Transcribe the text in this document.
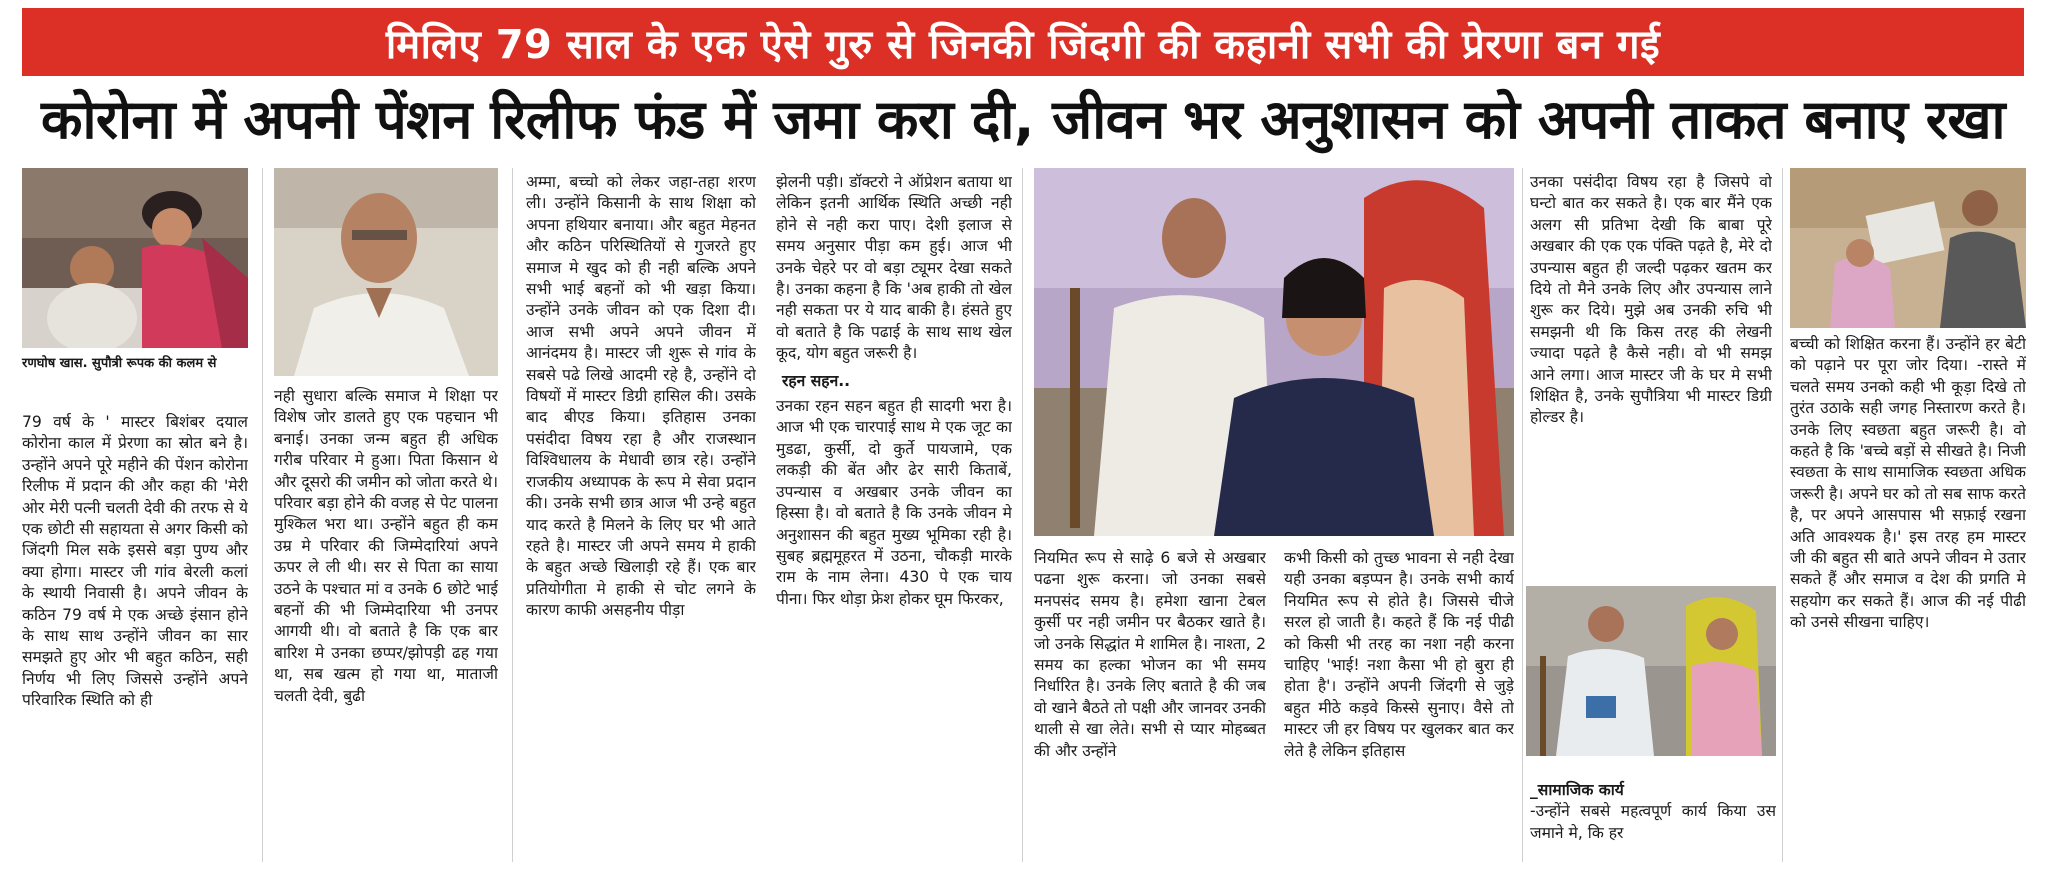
मिलिए 79 साल के एक ऐसे गुरु से जिनकी जिंदगी की कहानी सभी की प्रेरणा बन गई
कोरोना में अपनी पेंशन रिलीफ फंड में जमा करा दी, जीवन भर अनुशासन को अपनी ताकत बनाए रखा
रणघोष खास. सुपौत्री रूपक की कलम से

79 वर्ष के ' मास्टर बिशंबर दयाल कोरोना काल में प्रेरणा का स्रोत बने है। उन्होंने अपने पूरे महीने की पेंशन कोरोना रिलीफ में प्रदान की और कहा की 'मेरी ओर मेरी पत्नी चलती देवी की तरफ से ये एक छोटी सी सहायता से अगर किसी को जिंदगी मिल सके इससे बड़ा पुण्य और क्या होगा। मास्टर जी गांव बेरली कलां के स्थायी निवासी है। अपने जीवन के कठिन 79 वर्ष मे एक अच्छे इंसान होने के साथ साथ उन्होंने जीवन का सार समझते हुए ओर भी बहुत कठिन, सही निर्णय भी लिए जिससे उन्होंने अपने परिवारिक स्थिति को ही

नही सुधारा बल्कि समाज मे शिक्षा पर विशेष जोर डालते हुए एक पहचान भी बनाई। उनका जन्म बहुत ही अधिक गरीब परिवार मे हुआ। पिता किसान थे और दूसरो की जमीन को जोता करते थे। परिवार बड़ा होने की वजह से पेट पालना मुश्किल भरा था। उन्होंने बहुत ही कम उम्र मे परिवार की जिम्मेदारियां अपने ऊपर ले ली थी। सर से पिता का साया उठने के पश्चात मां व उनके 6 छोटे भाई बहनों की भी जिम्मेदारिया भी उनपर आगयी थी। वो बताते है कि एक बार बारिश मे उनका छप्पर/झोपड़ी ढह गया था, सब खत्म हो गया था, माताजी चलती देवी, बुढी

अम्मा, बच्चो को लेकर जहा-तहा शरण ली। उन्होंने किसानी के साथ शिक्षा को अपना हथियार बनाया। और बहुत मेहनत और कठिन परिस्थितियों से गुजरते हुए समाज मे खुद को ही नही बल्कि अपने सभी भाई बहनों को भी खड़ा किया। उन्होंने उनके जीवन को एक दिशा दी। आज सभी अपने अपने जीवन में आनंदमय है। मास्टर जी शुरू से गांव के सबसे पढे लिखे आदमी रहे है, उन्होंने दो विषयों में मास्टर डिग्री हासिल की। उसके बाद बीएड किया। इतिहास उनका पसंदीदा विषय रहा है और राजस्थान विश्विधालय के मेधावी छात्र रहे। उन्होंने राजकीय अध्यापक के रूप मे सेवा प्रदान की। उनके सभी छात्र आज भी उन्हे बहुत याद करते है मिलने के लिए घर भी आते रहते है। मास्टर जी अपने समय मे हाकी के बहुत अच्छे खिलाड़ी रहे हैं। एक बार प्रतियोगीता मे हाकी से चोट लगने के कारण काफी असहनीय पीड़ा

झेलनी पड़ी। डॉक्टरो ने ऑप्रेशन बताया था लेकिन इतनी आर्थिक स्थिति अच्छी नही होने से नही करा पाए। देशी इलाज से समय अनुसार पीड़ा कम हुई। आज भी उनके चेहरे पर वो बड़ा ट्यूमर देखा सकते है। उनका कहना है कि 'अब हाकी तो खेल नही सकता पर ये याद बाकी है। हंसते हुए वो बताते है कि पढाई के साथ साथ खेल कूद, योग बहुत जरूरी है।

रहन सहन..

उनका रहन सहन बहुत ही सादगी भरा है। आज भी एक चारपाई साथ मे एक जूट का मुडढा, कुर्सी, दो कुर्ते पायजामे, एक लकड़ी की बेंत और ढेर सारी किताबें, उपन्यास व अखबार उनके जीवन का हिस्सा है। वो बताते है कि उनके जीवन मे अनुशासन की बहुत मुख्य भूमिका रही है। सुबह ब्रह्ममूहरत में उठना, चौकड़ी मारके राम के नाम लेना। 430 पे एक चाय पीना। फिर थोड़ा फ्रेश होकर घूम फिरकर,

नियमित रूप से साढ़े 6 बजे से अखबार पढना शुरू करना। जो उनका सबसे मनपसंद समय है। हमेशा खाना टेबल कुर्सी पर नही जमीन पर बैठकर खाते है। जो उनके सिद्धांत मे शामिल है। नाश्ता, 2 समय का हल्का भोजन का भी समय निर्धारित है। उनके लिए बताते है की जब वो खाने बैठते तो पक्षी और जानवर उनकी थाली से खा लेते। सभी से प्यार मोहब्बत की और उन्होंने

कभी किसी को तुच्छ भावना से नही देखा यही उनका बड़प्पन है। उनके सभी कार्य नियमित रूप से होते है। जिससे चीजे सरल हो जाती है। कहते हैं कि नई पीढी को किसी भी तरह का नशा नही करना चाहिए 'भाई! नशा कैसा भी हो बुरा ही होता है'। उन्होंने अपनी जिंदगी से जुड़े बहुत मीठे कड़वे किस्से सुनाए। वैसे तो मास्टर जी हर विषय पर खुलकर बात कर लेते है लेकिन इतिहास

उनका पसंदीदा विषय रहा है जिसपे वो घन्टो बात कर सकते है। एक बार मैंने एक अलग सी प्रतिभा देखी कि बाबा पूरे अखबार की एक एक पंक्ति पढ़ते है, मेरे दो उपन्यास बहुत ही जल्दी पढ़कर खतम कर दिये तो मैने उनके लिए और उपन्यास लाने शुरू कर दिये। मुझे अब उनकी रुचि भी समझनी थी कि किस तरह की लेखनी ज्यादा पढ़ते है कैसे नही। वो भी समझ आने लगा। आज मास्टर जी के घर मे सभी शिक्षित है, उनके सुपौत्रिया भी मास्टर डिग्री होल्डर है।

_सामाजिक कार्य

-उन्होंने सबसे महत्वपूर्ण कार्य किया उस जमाने मे, कि हर

बच्ची को शिक्षित करना हैं। उन्होंने हर बेटी को पढ़ाने पर पूरा जोर दिया। -रास्ते में चलते समय उनको कही भी कूड़ा दिखे तो तुरंत उठाके सही जगह निस्तारण करते है। उनके लिए स्वछता बहुत जरूरी है। वो कहते है कि 'बच्चे बड़ों से सीखते है। निजी स्वछता के साथ सामाजिक स्वछता अधिक जरूरी है। अपने घर को तो सब साफ करते है, पर अपने आसपास भी सफ़ाई रखना अति आवश्यक है।' इस तरह हम मास्टर जी की बहुत सी बाते अपने जीवन मे उतार सकते हैं और समाज व देश की प्रगति मे सहयोग कर सकते हैं। आज की नई पीढी को उनसे सीखना चाहिए।
